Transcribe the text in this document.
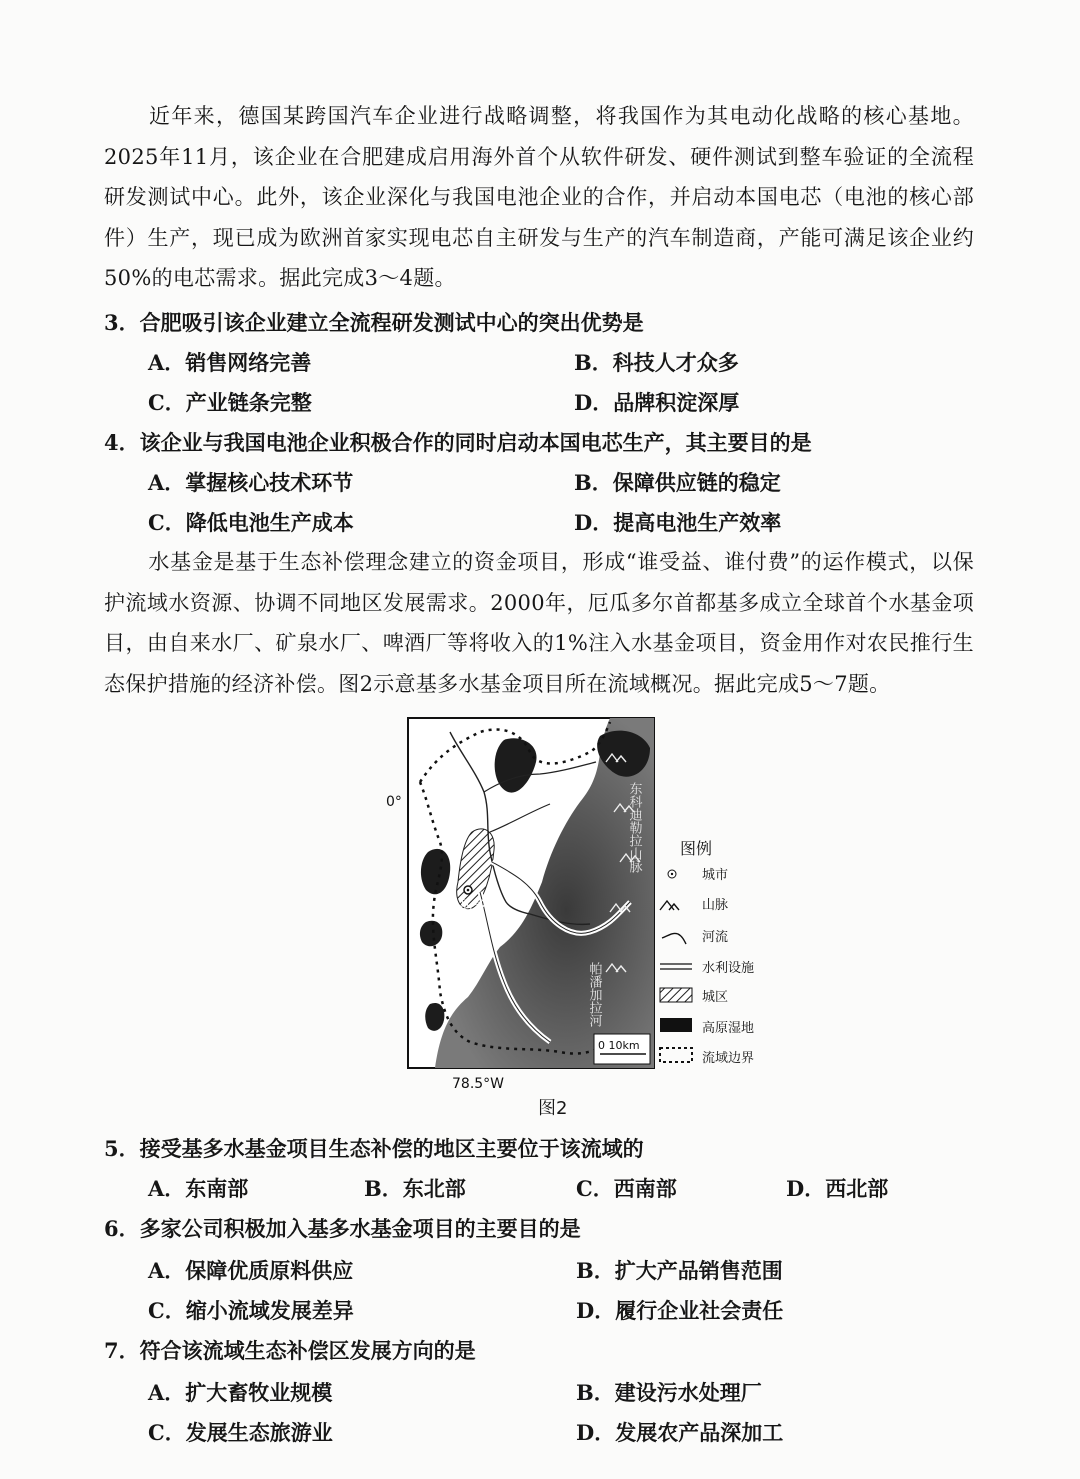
近年来，德国某跨国汽车企业进行战略调整，将我国作为其电动化战略的核心基地。2025年11月，该企业在合肥建成启用海外首个从软件研发、硬件测试到整车验证的全流程研发测试中心。此外，该企业深化与我国电池企业的合作，并启动本国电芯（电池的核心部件）生产，现已成为欧洲首家实现电芯自主研发与生产的汽车制造商，产能可满足该企业约50%的电芯需求。据此完成3～4题。

3．合肥吸引该企业建立全流程研发测试中心的突出优势是

A．销售网络完善	B．科技人才众多

C．产业链条完整	D．品牌积淀深厚

4．该企业与我国电池企业积极合作的同时启动本国电芯生产，其主要目的是

A．掌握核心技术环节	B．保障供应链的稳定

C．降低电池生产成本	D．提高电池生产效率

水基金是基于生态补偿理念建立的资金项目，形成“谁受益、谁付费”的运作模式，以保护流域水资源、协调不同地区发展需求。2000年，厄瓜多尔首都基多成立全球首个水基金项目，由自来水厂、矿泉水厂、啤酒厂等将收入的1%注入水基金项目，资金用作对农民推行生态保护措施的经济补偿。图2示意基多水基金项目所在流域概况。据此完成5～7题。

基多
东科迪勒拉山脉
帕潘加拉河
0 10km
0°
78.5°W
图例
城市
山脉
河流
水利设施
城区
高原湿地
流域边界
图2

5．接受基多水基金项目生态补偿的地区主要位于该流域的

A．东南部	B．东北部	C．西南部	D．西北部

6．多家公司积极加入基多水基金项目的主要目的是

A．保障优质原料供应	B．扩大产品销售范围

C．缩小流域发展差异	D．履行企业社会责任

7．符合该流域生态补偿区发展方向的是

A．扩大畜牧业规模	B．建设污水处理厂

C．发展生态旅游业	D．发展农产品深加工
